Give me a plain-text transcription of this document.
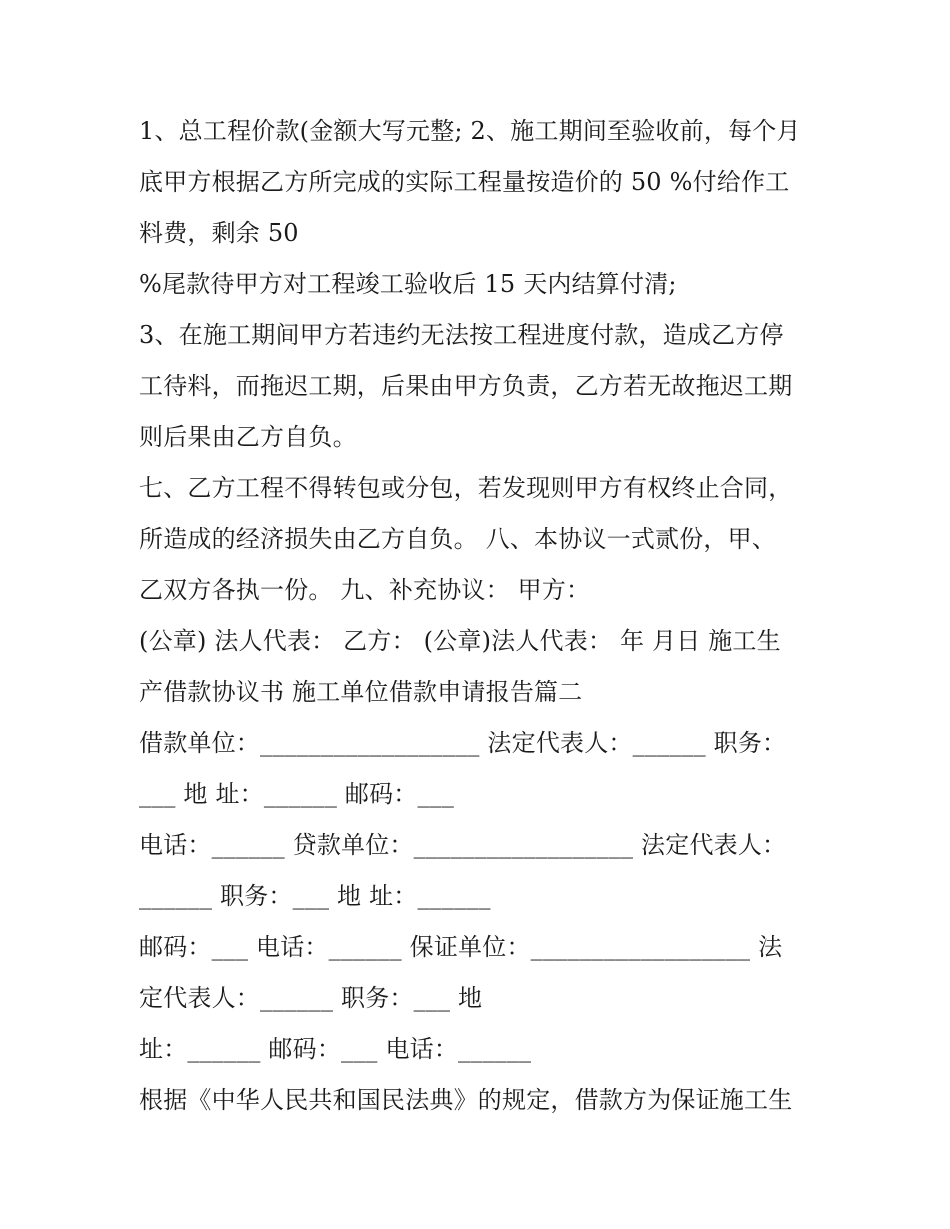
1、总工程价款(金额大写元整; 2、施工期间至验收前，每个月
底甲方根据乙方所完成的实际工程量按造价的 50 %付给作工
料费，剩余 50
%尾款待甲方对工程竣工验收后 15 天内结算付清;
3、在施工期间甲方若违约无法按工程进度付款，造成乙方停
工待料，而拖迟工期，后果由甲方负责，乙方若无故拖迟工期
则后果由乙方自负。
七、乙方工程不得转包或分包，若发现则甲方有权终止合同，
所造成的经济损失由乙方自负。 八、本协议一式贰份，甲、
乙双方各执一份。 九、补充协议： 甲方：
(公章) 法人代表： 乙方： (公章)法人代表： 年 月日 施工生
产借款协议书 施工单位借款申请报告篇二
借款单位：__________________ 法定代表人：______ 职务：
___ 地 址：______ 邮码：___
电话：______ 贷款单位：__________________ 法定代表人：
______ 职务：___ 地 址：______
邮码：___ 电话：______ 保证单位：__________________ 法
定代表人：______ 职务：___ 地
址：______ 邮码：___ 电话：______
根据《中华人民共和国民法典》的规定，借款方为保证施工生
